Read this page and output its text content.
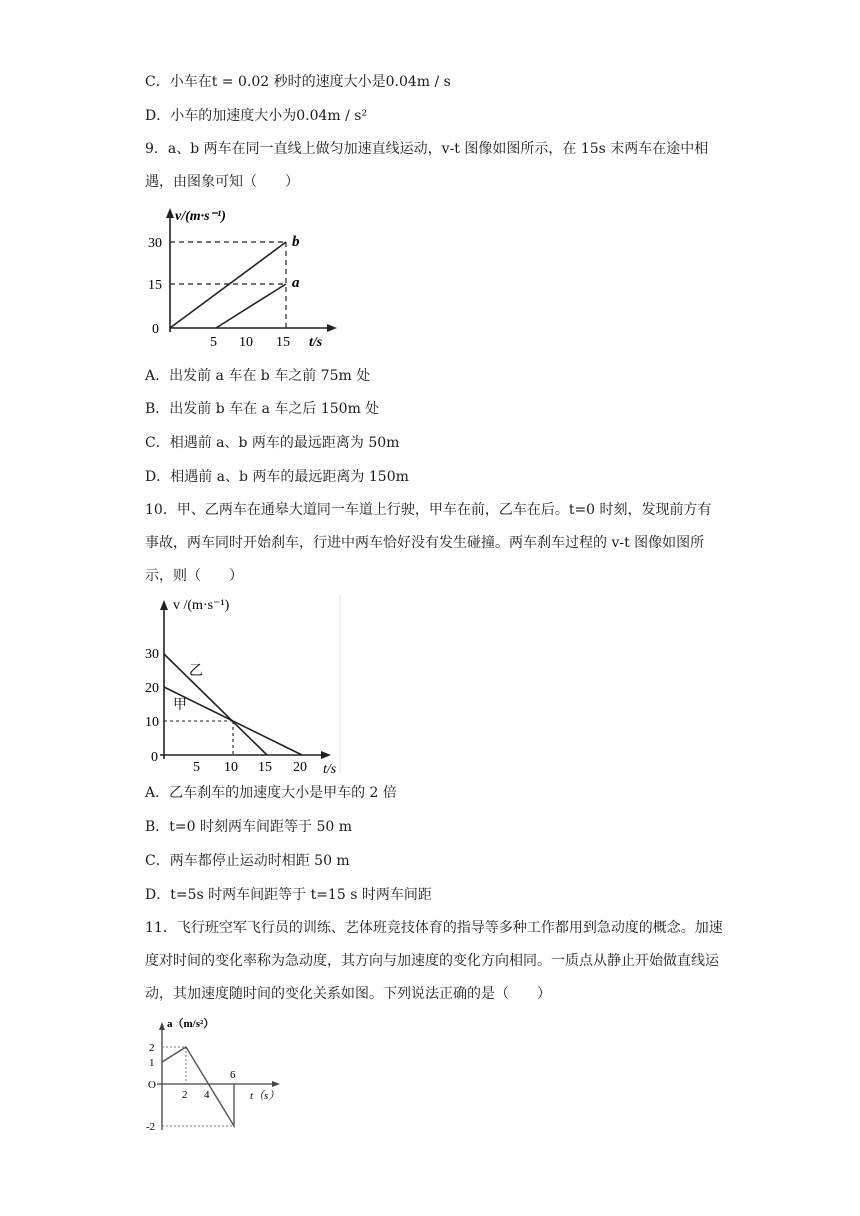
C．小车在t = 0.02 秒时的速度大小是0.04m / s
D．小车的加速度大小为0.04m / s²
9．a、b 两车在同一直线上做匀加速直线运动，v-t 图像如图所示，在 15s 末两车在途中相遇，由图象可知（　　）
v/(m·s⁻¹)
30
15
0
b
a
5 10 15 t/s
A．出发前 a 车在 b 车之前 75m 处
B．出发前 b 车在 a 车之后 150m 处
C．相遇前 a、b 两车的最远距离为 50m
D．相遇前 a、b 两车的最远距离为 150m
10．甲、乙两车在通皋大道同一车道上行驶，甲车在前，乙车在后。t=0 时刻，发现前方有事故，两车同时开始刹车，行进中两车恰好没有发生碰撞。两车刹车过程的 v-t 图像如图所示，则（　　）
v /(m·s⁻¹)
30
20
10
0
乙
甲
5 10 15 20 t/s
A．乙车刹车的加速度大小是甲车的 2 倍
B．t=0 时刻两车间距等于 50 m
C．两车都停止运动时相距 50 m
D．t=5s 时两车间距等于 t=15 s 时两车间距
11．飞行班空军飞行员的训练、艺体班竞技体育的指导等多种工作都用到急动度的概念。加速度对时间的变化率称为急动度，其方向与加速度的变化方向相同。一质点从静止开始做直线运动，其加速度随时间的变化关系如图。下列说法正确的是（　　）
a（m/s²）
2
1
O
-2
2 4
6
t（s）
